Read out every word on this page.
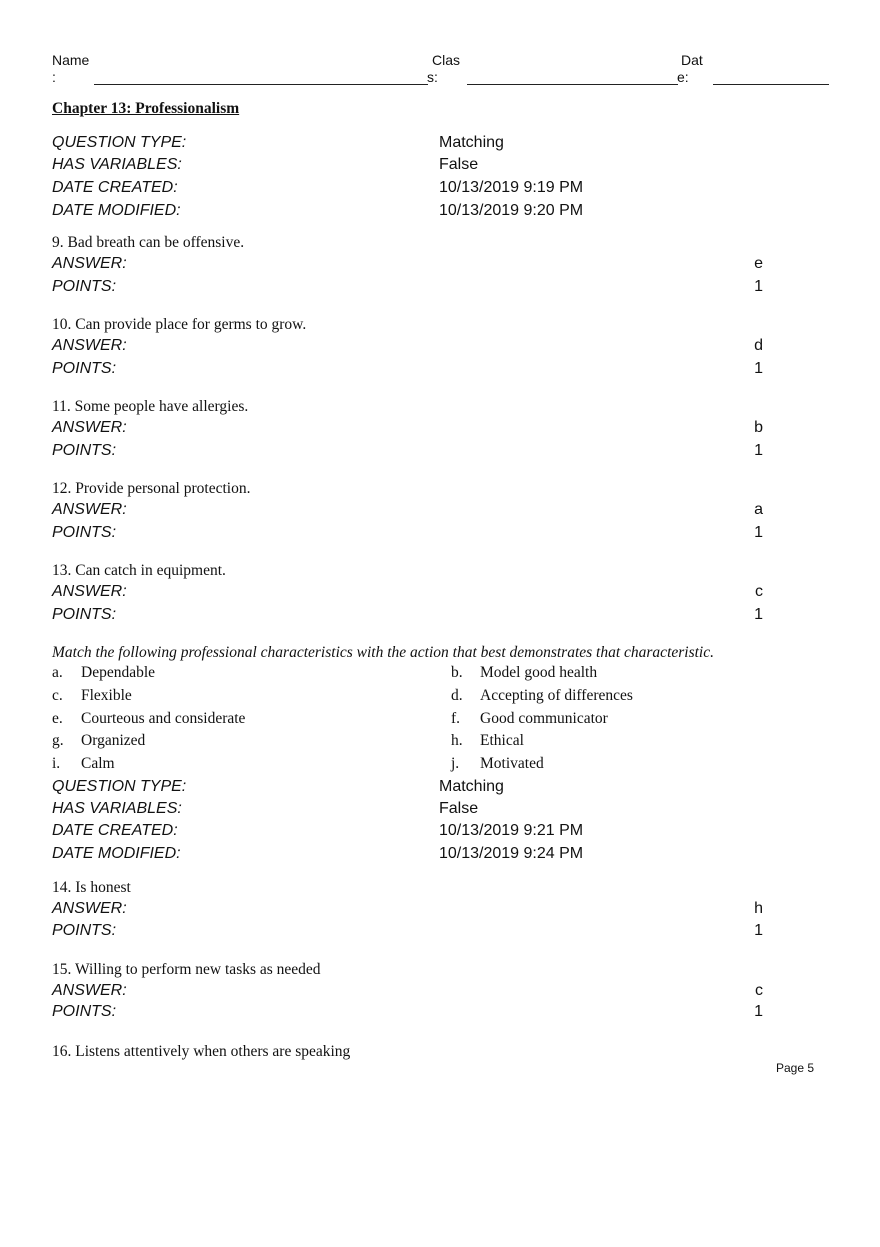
Name
:
Clas
s:
Dat
e:
Chapter 13: Professionalism
QUESTION TYPE:	Matching
HAS VARIABLES:	False
DATE CREATED:	10/13/2019 9:19 PM
DATE MODIFIED:	10/13/2019 9:20 PM
9. Bad breath can be offensive.
ANSWER:	e
POINTS:	1
10. Can provide place for germs to grow.
ANSWER:	d
POINTS:	1
11. Some people have allergies.
ANSWER:	b
POINTS:	1
12. Provide personal protection.
ANSWER:	a
POINTS:	1
13. Can catch in equipment.
ANSWER:	c
POINTS:	1
Match the following professional characteristics with the action that best demonstrates that characteristic.
a. Dependable	b. Model good health
c. Flexible	d. Accepting of differences
e. Courteous and considerate	f. Good communicator
g. Organized	h. Ethical
i. Calm	j. Motivated
QUESTION TYPE:	Matching
HAS VARIABLES:	False
DATE CREATED:	10/13/2019 9:21 PM
DATE MODIFIED:	10/13/2019 9:24 PM
14. Is honest
ANSWER:	h
POINTS:	1
15. Willing to perform new tasks as needed
ANSWER:	c
POINTS:	1
16. Listens attentively when others are speaking
Page 5
